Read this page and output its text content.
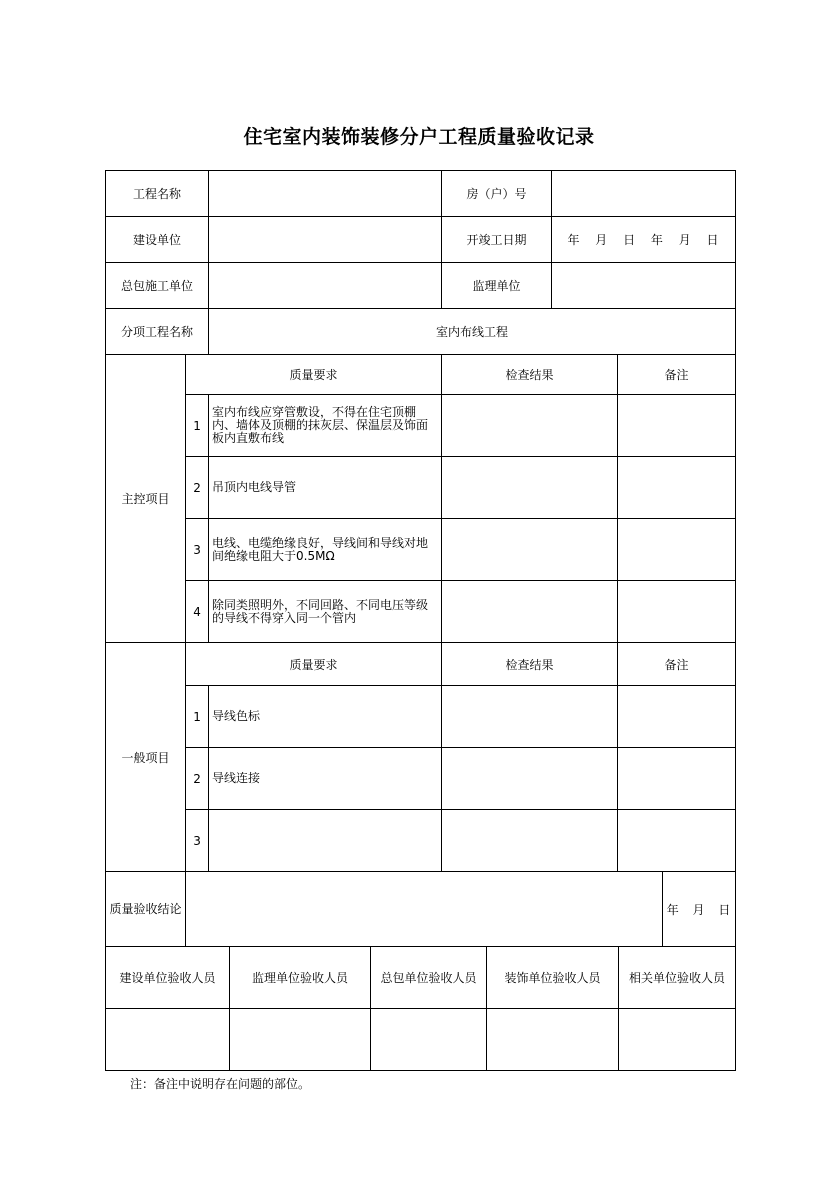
住宅室内装饰装修分户工程质量验收记录
工程名称			房（户）号			
建设单位			开竣工日期	年 月 日 年 月 日		
总包施工单位			监理单位			
分项工程名称		室内布线工程				
主控项目	质量要求		检查结果		备注	
	1	室内布线应穿管敷设，不得在住宅顶棚内、墙体及顶棚的抹灰层、保温层及饰面板内直敷布线				
	2	吊顶内电线导管				
	3	电线、电缆绝缘良好，导线间和导线对地间绝缘电阻大于0.5MΩ				
	4	除同类照明外，不同回路、不同电压等级的导线不得穿入同一个管内				
一般项目	质量要求		检查结果		备注	
	1	导线色标				
	2	导线连接				
	3					
质量验收结论						年 月 日
建设单位验收人员	监理单位验收人员	总包单位验收人员	装饰单位验收人员	相关单位验收人员

注：备注中说明存在问题的部位。
